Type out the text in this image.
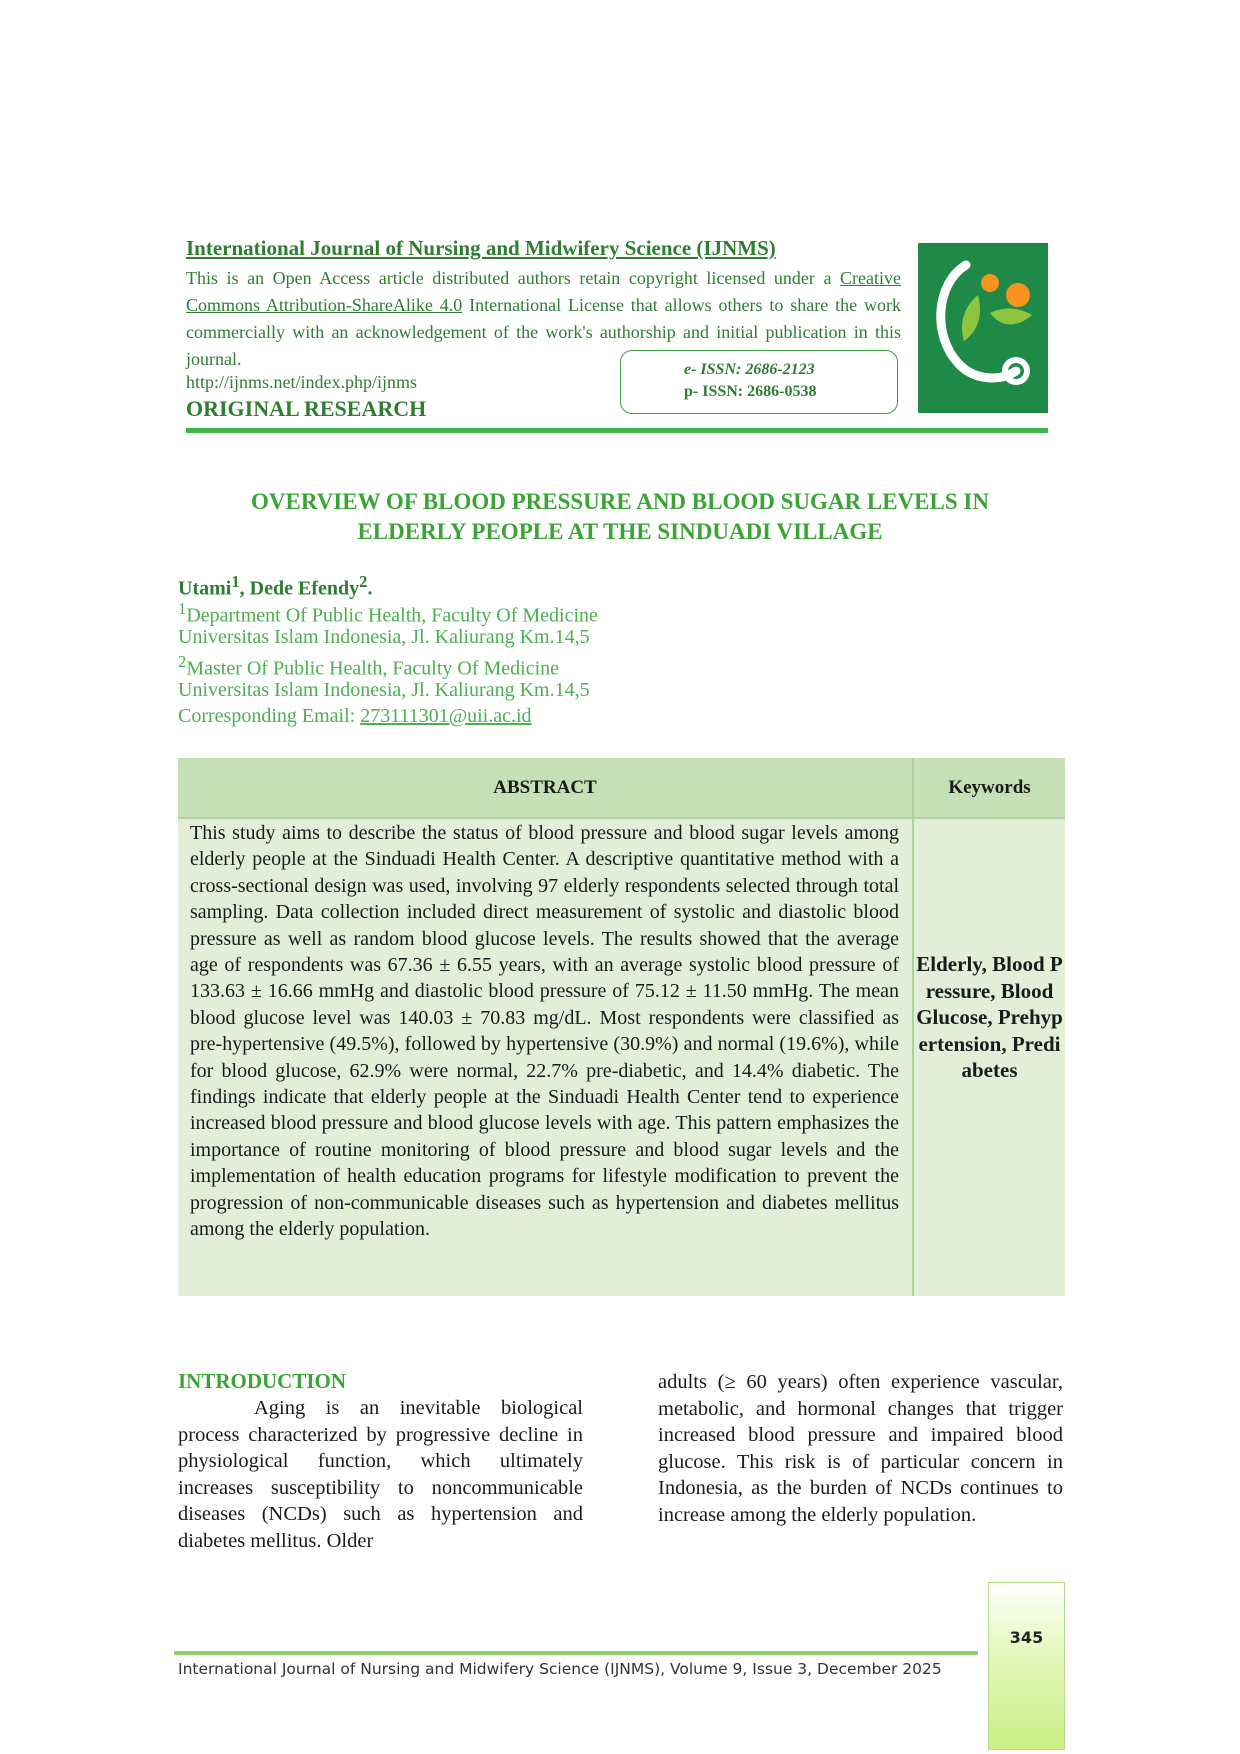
International Journal of Nursing and Midwifery Science (IJNMS)
This is an Open Access article distributed authors retain copyright licensed under a Creative Commons Attribution-ShareAlike 4.0 International License that allows others to share the work commercially with an acknowledgement of the work's authorship and initial publication in this journal.
http://ijnms.net/index.php/ijnms
ORIGINAL RESEARCH
e- ISSN: 2686-2123
p- ISSN: 2686-0538
OVERVIEW OF BLOOD PRESSURE AND BLOOD SUGAR LEVELS IN
ELDERLY PEOPLE AT THE SINDUADI VILLAGE
Utami$^1$, Dede Efendy$^2$.
$^1$Department Of Public Health, Faculty Of Medicine
Universitas Islam Indonesia, Jl. Kaliurang Km.14,5
$^2$Master Of Public Health, Faculty Of Medicine
Universitas Islam Indonesia, Jl. Kaliurang Km.14,5
Corresponding Email: 273111301@uii.ac.id
ABSTRACT	Keywords
This study aims to describe the status of blood pressure and blood sugar levels among elderly people at the Sinduadi Health Center. A descriptive quantitative method with a cross-sectional design was used, involving 97 elderly respondents selected through total sampling. Data collection included direct measurement of systolic and diastolic blood pressure as well as random blood glucose levels. The results showed that the average age of respondents was 67.36 ± 6.55 years, with an average systolic blood pressure of 133.63 ± 16.66 mmHg and diastolic blood pressure of 75.12 ± 11.50 mmHg. The mean blood glucose level was 140.03 ± 70.83 mg/dL. Most respondents were classified as pre-hypertensive (49.5%), followed by hypertensive (30.9%) and normal (19.6%), while for blood glucose, 62.9% were normal, 22.7% pre-diabetic, and 14.4% diabetic. The findings indicate that elderly people at the Sinduadi Health Center tend to experience increased blood pressure and blood glucose levels with age. This pattern emphasizes the importance of routine monitoring of blood pressure and blood sugar levels and the implementation of health education programs for lifestyle modification to prevent the progression of non-communicable diseases such as hypertension and diabetes mellitus among the elderly population.
Elderly, Blood Pressure, Blood Glucose, Prehypertension, Prediabetes
INTRODUCTION
Aging is an inevitable biological process characterized by progressive decline in physiological function, which ultimately increases susceptibility to noncommunicable diseases (NCDs) such as hypertension and diabetes mellitus. Older
adults (≥ 60 years) often experience vascular, metabolic, and hormonal changes that trigger increased blood pressure and impaired blood glucose. This risk is of particular concern in Indonesia, as the burden of NCDs continues to increase among the elderly population.
International Journal of Nursing and Midwifery Science (IJNMS), Volume 9, Issue 3, December 2025
345
